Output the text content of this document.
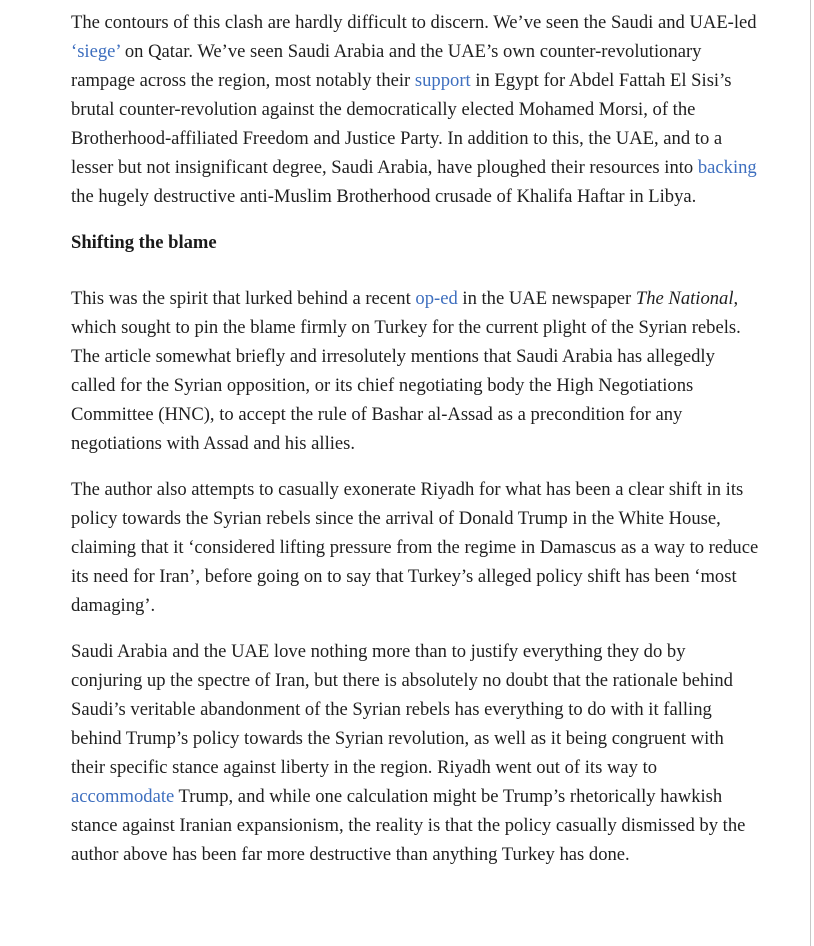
The contours of this clash are hardly difficult to discern. We’ve seen the Saudi and UAE-led ‘siege’ on Qatar. We’ve seen Saudi Arabia and the UAE’s own counter-revolutionary rampage across the region, most notably their support in Egypt for Abdel Fattah El Sisi’s brutal counter-revolution against the democratically elected Mohamed Morsi, of the Brotherhood-affiliated Freedom and Justice Party. In addition to this, the UAE, and to a lesser but not insignificant degree, Saudi Arabia, have ploughed their resources into backing the hugely destructive anti-Muslim Brotherhood crusade of Khalifa Haftar in Libya.

Shifting the blame

This was the spirit that lurked behind a recent op-ed in the UAE newspaper The National, which sought to pin the blame firmly on Turkey for the current plight of the Syrian rebels. The article somewhat briefly and irresolutely mentions that Saudi Arabia has allegedly called for the Syrian opposition, or its chief negotiating body the High Negotiations Committee (HNC), to accept the rule of Bashar al-Assad as a precondition for any negotiations with Assad and his allies.

The author also attempts to casually exonerate Riyadh for what has been a clear shift in its policy towards the Syrian rebels since the arrival of Donald Trump in the White House, claiming that it ‘considered lifting pressure from the regime in Damascus as a way to reduce its need for Iran’, before going on to say that Turkey’s alleged policy shift has been ‘most damaging’.

Saudi Arabia and the UAE love nothing more than to justify everything they do by conjuring up the spectre of Iran, but there is absolutely no doubt that the rationale behind Saudi’s veritable abandonment of the Syrian rebels has everything to do with it falling behind Trump’s policy towards the Syrian revolution, as well as it being congruent with their specific stance against liberty in the region. Riyadh went out of its way to accommodate Trump, and while one calculation might be Trump’s rhetorically hawkish stance against Iranian expansionism, the reality is that the policy casually dismissed by the author above has been far more destructive than anything Turkey has done.
